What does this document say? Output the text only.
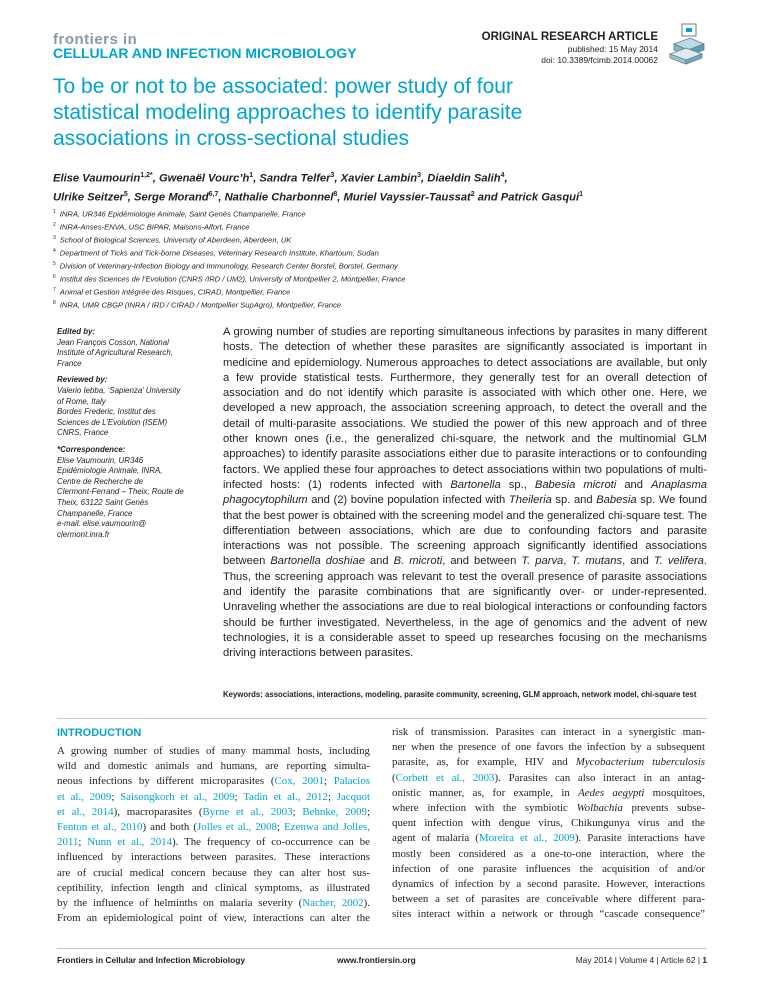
frontiers in
CELLULAR AND INFECTION MICROBIOLOGY
ORIGINAL RESEARCH ARTICLE
published: 15 May 2014
doi: 10.3389/fcimb.2014.00062
To be or not to be associated: power study of four
statistical modeling approaches to identify parasite
associations in cross-sectional studies
Elise Vaumourin$^{1,2*}$, Gwenaël $Vourc’h^1$, Sandra Telfer$^3$, Xavier Lambin$^3$, Diaeldin Salih$^4$,
Ulrike Seitzer$^5$, Serge Morand$^{6,7}$, Nathalie Charbonnel$^8$, Muriel Vayssier-Taussat$^2$ and Patrick Gasqui$^1$
$^1$ INRA, UR346 Epidémiologie Animale, Saint Genès Champanelle, France
$^2$ INRA-Anses-ENVA, USC BIPAR, Maisons-Alfort, France
$^3$ School of Biological Sciences, University of Aberdeen, Aberdeen, UK
$^4$ Department of Ticks and Tick-borne Diseases, Veterinary Research Institute, Khartoum, Sudan
$^5$ Division of Veterinary-Infection Biology and Immunology, Research Center Borstel, Borstel, Germany
$^6$ Institut des Sciences de l’Evolution (CNRS /IRD / UM2), University of Montpellier 2, Montpellier, France
$^7$ Animal et Gestion Intégrée des Risques, CIRAD, Montpellier, France
$^8$ INRA, UMR CBGP (INRA / IRD / CIRAD / Montpellier SupAgro), Montpellier, France
Edited by:
Jean François Cosson, National
Institute of Agricultural Research,
France
Reviewed by:
Valerio Iebba, ‘Sapienza’ University
of Rome, Italy
Bordes Frederic, Institut des
Sciences de L’Evolution (ISEM)
CNRS, France
*Correspondence:
Elise Vaumourin, UR346
Epidémiologie Animale, INRA,
Centre de Recherche de
Clermont-Ferrand – Theix, Route de
Theix, 63122 Saint Genès
Champanelle, France
e-mail: elise.vaumourin@
clermont.inra.fr
A growing number of studies are reporting simultaneous infections by parasites in many different hosts. The detection of whether these parasites are significantly associated is important in medicine and epidemiology. Numerous approaches to detect associations are available, but only a few provide statistical tests. Furthermore, they generally test for an overall detection of association and do not identify which parasite is associated with which other one. Here, we developed a new approach, the association screening approach, to detect the overall and the detail of multi-parasite associations. We studied the power of this new approach and of three other known ones (i.e., the generalized chi-square, the network and the multinomial GLM approaches) to identify parasite associations either due to parasite interactions or to confounding factors. We applied these four approaches to detect associations within two populations of multi-infected hosts: (1) rodents infected with Bartonella sp., Babesia microti and Anaplasma phagocytophilum and (2) bovine population infected with Theileria sp. and Babesia sp. We found that the best power is obtained with the screening model and the generalized chi-square test. The differentiation between associations, which are due to confounding factors and parasite interactions was not possible. The screening approach significantly identified associations between Bartonella doshiae and B. microti, and between T. parva, T. mutans, and T. velifera. Thus, the screening approach was relevant to test the overall presence of parasite associations and identify the parasite combinations that are significantly over- or under-represented. Unraveling whether the associations are due to real biological interactions or confounding factors should be further investigated. Nevertheless, in the age of genomics and the advent of new technologies, it is a considerable asset to speed up researches focusing on the mechanisms driving interactions between parasites.
Keywords: associations, interactions, modeling, parasite community, screening, GLM approach, network model, chi-square test
INTRODUCTION
A growing number of studies of many mammal hosts, including
wild and domestic animals and humans, are reporting simulta-
neous infections by different microparasites (Cox, 2001; Palacios
et al., 2009; Saisongkorh et al., 2009; Tadin et al., 2012; Jacquot
et al., 2014), macroparasites (Byrne et al., 2003; Behnke, 2009;
Fenton et al., 2010) and both (Jolles et al., 2008; Ezenwa and Jolles,
2011; Nunn et al., 2014). The frequency of co-occurrence can be
influenced by interactions between parasites. These interactions
are of crucial medical concern because they can alter host sus-
ceptibility, infection length and clinical symptoms, as illustrated
by the influence of helminths on malaria severity (Nacher, 2002).
From an epidemiological point of view, interactions can alter the
risk of transmission. Parasites can interact in a synergistic man-
ner when the presence of one favors the infection by a subsequent
parasite, as, for example, HIV and Mycobacterium tuberculosis
(Corbett et al., 2003). Parasites can also interact in an antag-
onistic manner, as, for example, in Aedes aegypti mosquitoes,
where infection with the symbiotic Wolbachia prevents subse-
quent infection with dengue virus, Chikungunya virus and the
agent of malaria (Moreira et al., 2009). Parasite interactions have
mostly been considered as a one-to-one interaction, where the
infection of one parasite influences the acquisition of and/or
dynamics of infection by a second parasite. However, interactions
between a set of parasites are conceivable where different para-
sites interact within a network or through “cascade consequence”
Frontiers in Cellular and Infection Microbiology	www.frontiersin.org	May 2014 | Volume 4 | Article 62 | 1
